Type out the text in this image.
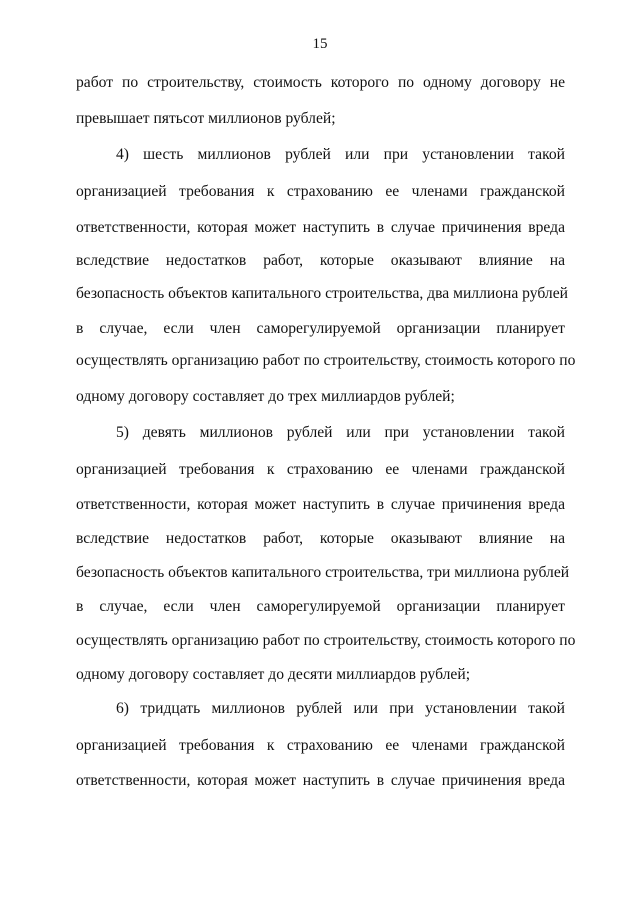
15
работ по строительству, стоимость которого по одному договору не
превышает пятьсот миллионов рублей;
4) шесть миллионов рублей или при установлении такой
организацией требования к страхованию ее членами гражданской
ответственности, которая может наступить в случае причинения вреда
вследствие недостатков работ, которые оказывают влияние на
безопасность объектов капитального строительства, два миллиона рублей
в случае, если член саморегулируемой организации планирует
осуществлять организацию работ по строительству, стоимость которого по
одному договору составляет до трех миллиардов рублей;
5) девять миллионов рублей или при установлении такой
организацией требования к страхованию ее членами гражданской
ответственности, которая может наступить в случае причинения вреда
вследствие недостатков работ, которые оказывают влияние на
безопасность объектов капитального строительства, три миллиона рублей
в случае, если член саморегулируемой организации планирует
осуществлять организацию работ по строительству, стоимость которого по
одному договору составляет до десяти миллиардов рублей;
6) тридцать миллионов рублей или при установлении такой
организацией требования к страхованию ее членами гражданской
ответственности, которая может наступить в случае причинения вреда
